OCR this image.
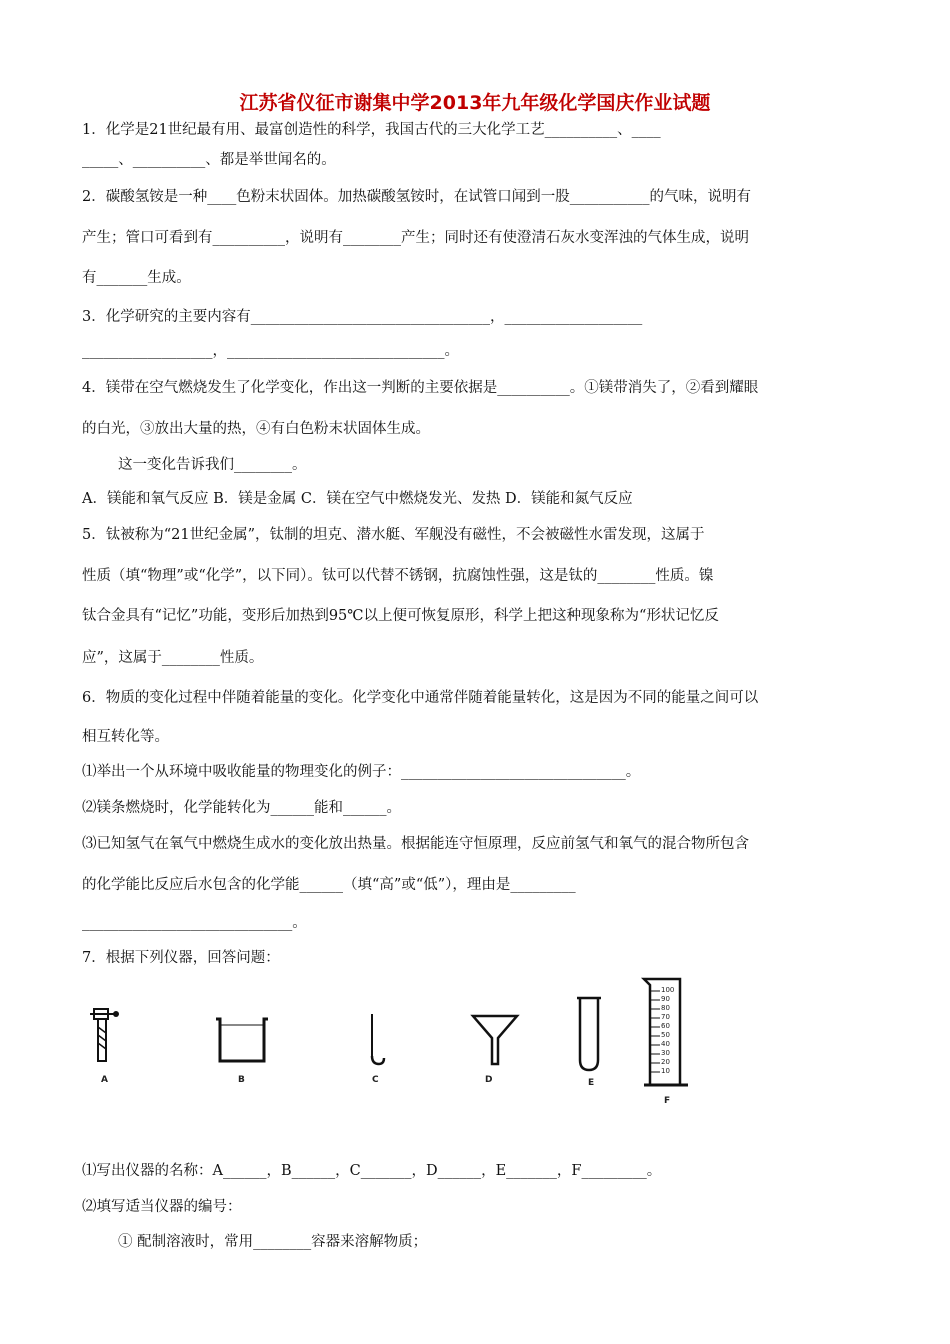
江苏省仪征市谢集中学2013年九年级化学国庆作业试题
1．化学是21世纪最有用、最富创造性的科学，我国古代的三大化学工艺__________、____
_____、__________、都是举世闻名的。
2．碳酸氢铵是一种____色粉末状固体。加热碳酸氢铵时，在试管口闻到一股___________的气味，说明有
产生；管口可看到有__________，说明有________产生；同时还有使澄清石灰水变浑浊的气体生成，说明
有_______生成。
3．化学研究的主要内容有_________________________________，___________________
__________________，______________________________。
4．镁带在空气燃烧发生了化学变化，作出这一判断的主要依据是__________。①镁带消失了，②看到耀眼
的白光，③放出大量的热，④有白色粉末状固体生成。
这一变化告诉我们________。
A．镁能和氧气反应 B．镁是金属 C．镁在空气中燃烧发光、发热 D．镁能和氮气反应
5．钛被称为“21世纪金属”，钛制的坦克、潜水艇、军舰没有磁性，不会被磁性水雷发现，这属于
性质（填“物理”或“化学”，以下同）。钛可以代替不锈钢，抗腐蚀性强，这是钛的________性质。镍
钛合金具有“记忆”功能，变形后加热到95℃以上便可恢复原形，科学上把这种现象称为“形状记忆反
应”，这属于________性质。
6．物质的变化过程中伴随着能量的变化。化学变化中通常伴随着能量转化，这是因为不同的能量之间可以
相互转化等。
⑴举出一个从环境中吸收能量的物理变化的例子：_______________________________。
⑵镁条燃烧时，化学能转化为______能和______。
⑶已知氢气在氧气中燃烧生成水的变化放出热量。根据能连守恒原理，反应前氢气和氧气的混合物所包含
的化学能比反应后水包含的化学能______（填“高”或“低”），理由是_________
_____________________________。
7．根据下列仪器，回答问题：
⑴写出仪器的名称：A______，B______，C_______，D______，E_______，F_________。
⑵填写适当仪器的编号：
① 配制溶液时，常用________容器来溶解物质；
A	B	C	D	E
100
90
80
70
60
50
40
30
20
10
F
